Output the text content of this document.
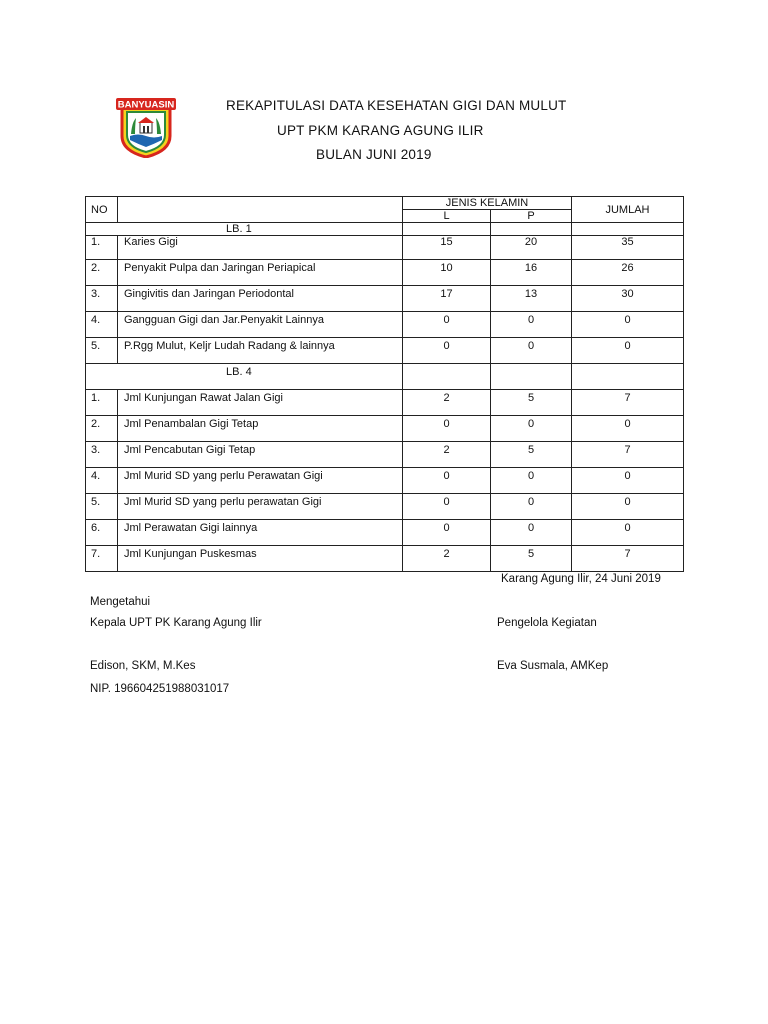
BANYUASIN	REKAPITULASI DATA KESEHATAN GIGI DAN MULUT
UPT PKM KARANG AGUNG ILIR
BULAN JUNI 2019
NO		JENIS KELAMIN		JUMLAH
		L	P	
LB. 1				
1.	Karies Gigi	15	20	35
2.	Penyakit Pulpa dan Jaringan Periapical	10	16	26
3.	Gingivitis dan Jaringan Periodontal	17	13	30
4.	Gangguan Gigi dan Jar.Penyakit Lainnya	0	0	0
5.	P.Rgg Mulut, Keljr Ludah Radang & lainnya	0	0	0
LB. 4				
1.	Jml Kunjungan Rawat Jalan Gigi	2	5	7
2.	Jml Penambalan Gigi Tetap	0	0	0
3.	Jml Pencabutan Gigi Tetap	2	5	7
4.	Jml Murid SD yang perlu Perawatan Gigi	0	0	0
5.	Jml Murid SD yang perlu perawatan Gigi	0	0	0
6.	Jml Perawatan Gigi lainnya	0	0	0
7.	Jml Kunjungan Puskesmas	2	5	7
Karang Agung Ilir, 24 Juni 2019
Mengetahui
Kepala UPT PK Karang Agung Ilir	Pengelola Kegiatan
Edison, SKM, M.Kes	Eva Susmala, AMKep
NIP. 196604251988031017
